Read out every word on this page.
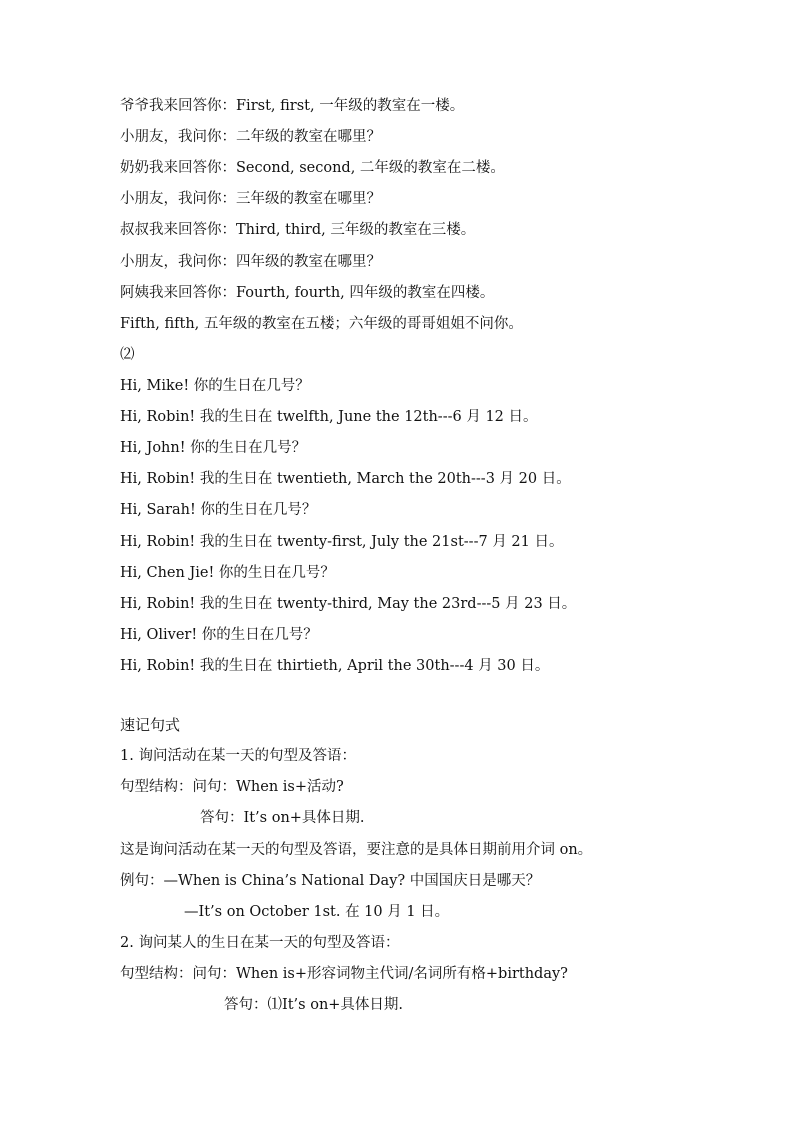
爷爷我来回答你：First, first, 一年级的教室在一楼。
小朋友，我问你：二年级的教室在哪里？
奶奶我来回答你：Second, second, 二年级的教室在二楼。
小朋友，我问你：三年级的教室在哪里？
叔叔我来回答你：Third, third, 三年级的教室在三楼。
小朋友，我问你：四年级的教室在哪里？
阿姨我来回答你：Fourth, fourth, 四年级的教室在四楼。
Fifth, fifth, 五年级的教室在五楼；六年级的哥哥姐姐不问你。
⑵
Hi, Mike! 你的生日在几号？
Hi, Robin! 我的生日在 twelfth, June the 12th---6 月 12 日。
Hi, John! 你的生日在几号？
Hi, Robin! 我的生日在 twentieth, March the 20th---3 月 20 日。
Hi, Sarah! 你的生日在几号？
Hi, Robin! 我的生日在 twenty-first, July the 21st---7 月 21 日。
Hi, Chen Jie! 你的生日在几号？
Hi, Robin! 我的生日在 twenty-third, May the 23rd---5 月 23 日。
Hi, Oliver! 你的生日在几号？
Hi, Robin! 我的生日在 thirtieth, April the 30th---4 月 30 日。
速记句式
1. 询问活动在某一天的句型及答语：
句型结构：问句：When is+活动?
答句：It’s on+具体日期.
这是询问活动在某一天的句型及答语，要注意的是具体日期前用介词 on。
例句：—When is China’s National Day? 中国国庆日是哪天？
—It’s on October 1st. 在 10 月 1 日。
2. 询问某人的生日在某一天的句型及答语：
句型结构：问句：When is+形容词物主代词/名词所有格+birthday?
答句：⑴It’s on+具体日期.
